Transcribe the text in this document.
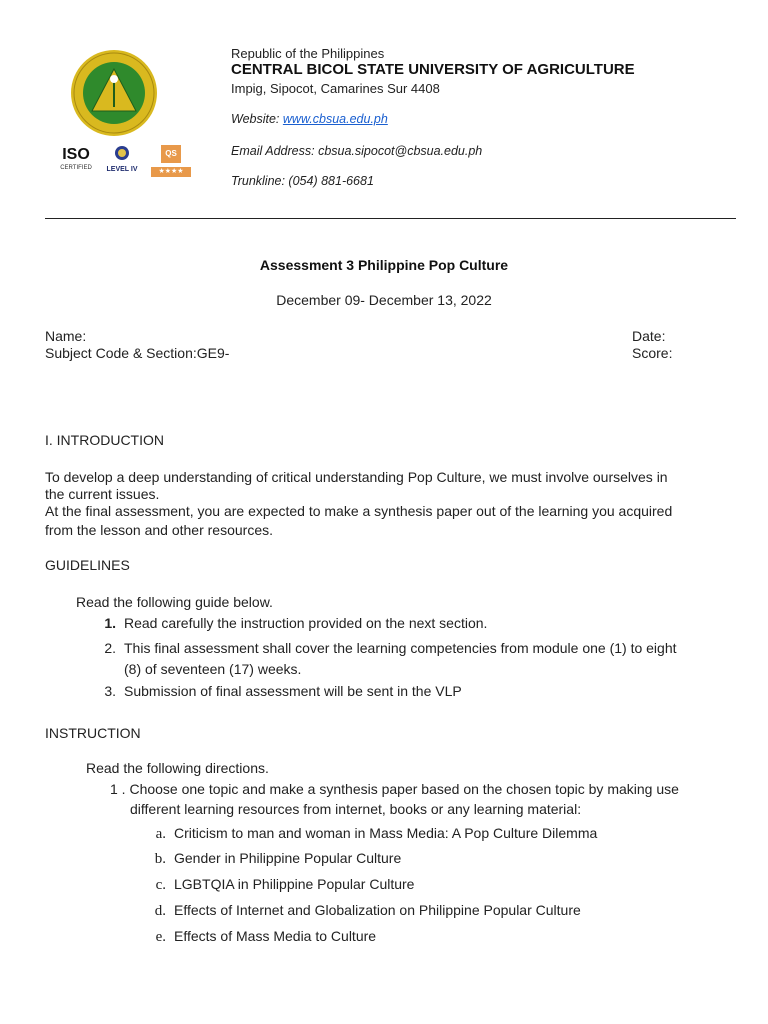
ISO
CERTIFIED	LEVEL IV
QS
★★★★
Republic of the Philippines
CENTRAL BICOL STATE UNIVERSITY OF AGRICULTURE
Impig, Sipocot, Camarines Sur 4408
Website: www.cbsua.edu.ph
Email Address: cbsua.sipocot@cbsua.edu.ph
Trunkline: (054) 881-6681
Assessment 3 Philippine Pop Culture
December 09- December 13, 2022
Name:
Subject Code & Section:GE9-
Date:
Score:
I. INTRODUCTION
To develop a deep understanding of critical understanding Pop Culture, we must involve ourselves in
the current issues.
At the final assessment, you are expected to make a synthesis paper out of the learning you acquired
from the lesson and other resources.
GUIDELINES
Read the following guide below.
1. Read carefully the instruction provided on the next section.
2. This final assessment shall cover the learning competencies from module one (1) to eight
(8) of seventeen (17) weeks.
3. Submission of final assessment will be sent in the VLP
INSTRUCTION
Read the following directions.
1 . Choose one topic and make a synthesis paper based on the chosen topic by making use
different learning resources from internet, books or any learning material:
a. Criticism to man and woman in Mass Media: A Pop Culture Dilemma
b. Gender in Philippine Popular Culture
c. LGBTQIA in Philippine Popular Culture
d. Effects of Internet and Globalization on Philippine Popular Culture
e. Effects of Mass Media to Culture
